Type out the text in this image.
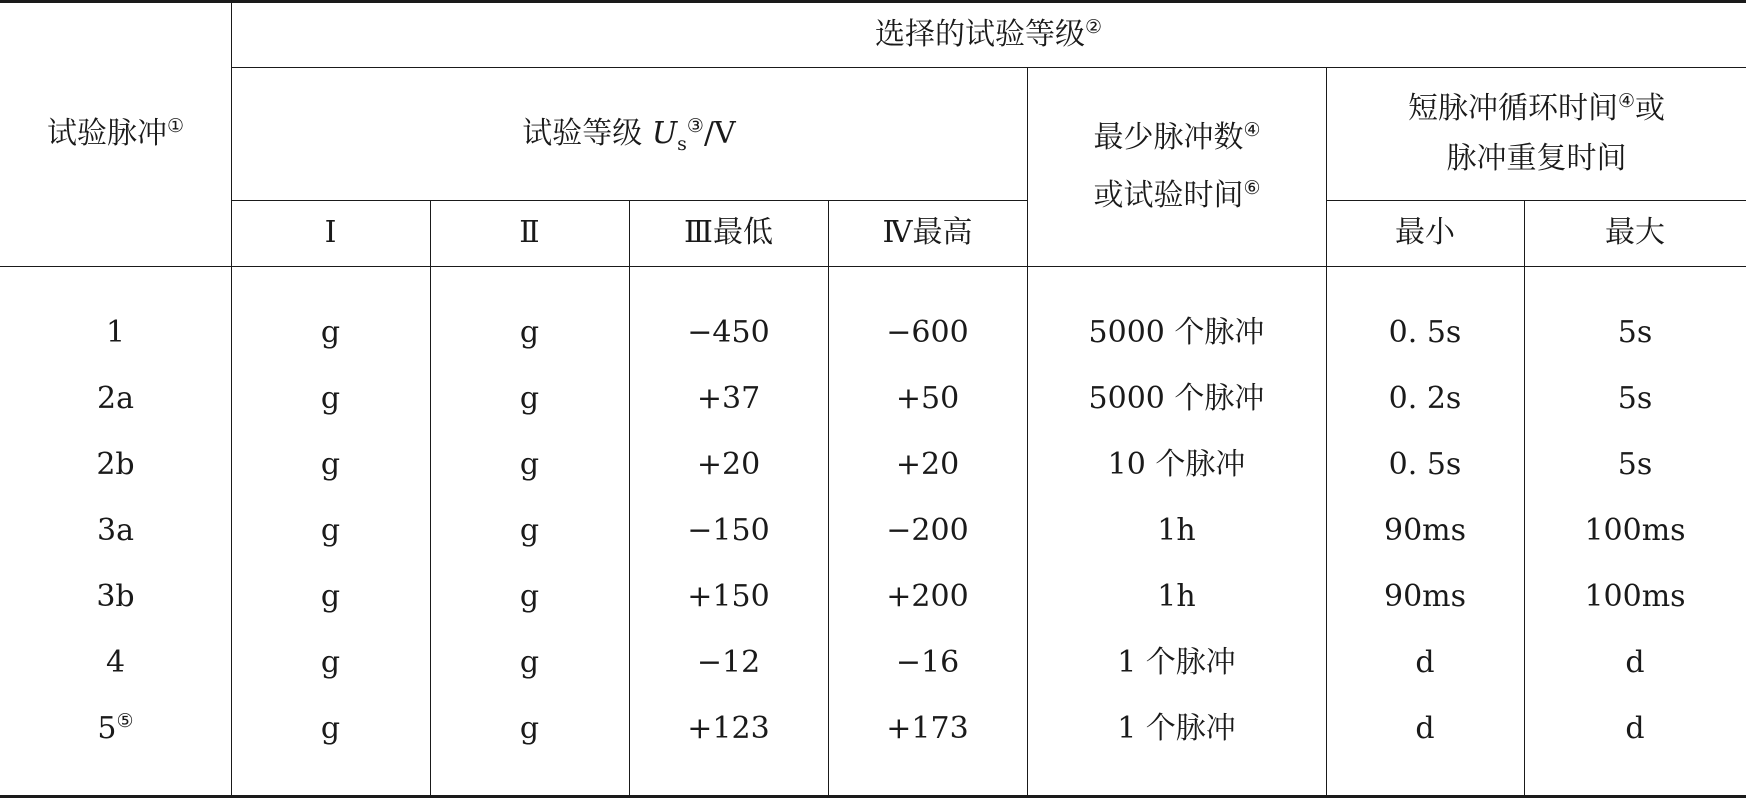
试验脉冲①
选择的试验等级②
试验等级 $U_s^③/V$	最少脉冲数④
或试验时间⑥
短脉冲循环时间④或
脉冲重复时间
Ⅰ	Ⅱ	Ⅲ最低	Ⅳ最高	最小	最大
1	g	g	−450	−600	5000 个脉冲	0. 5s	5s
2a	g	g	+37	+50	5000 个脉冲	0. 2s	5s
2b	g	g	+20	+20	10 个脉冲	0. 5s	5s
3a	g	g	−150	−200	1h	90ms	100ms
3b	g	g	+150	+200	1h	90ms	100ms
4	g	g	−12	−16	1 个脉冲	d	d
5⑤	g	g	+123	+173	1 个脉冲	d	d
